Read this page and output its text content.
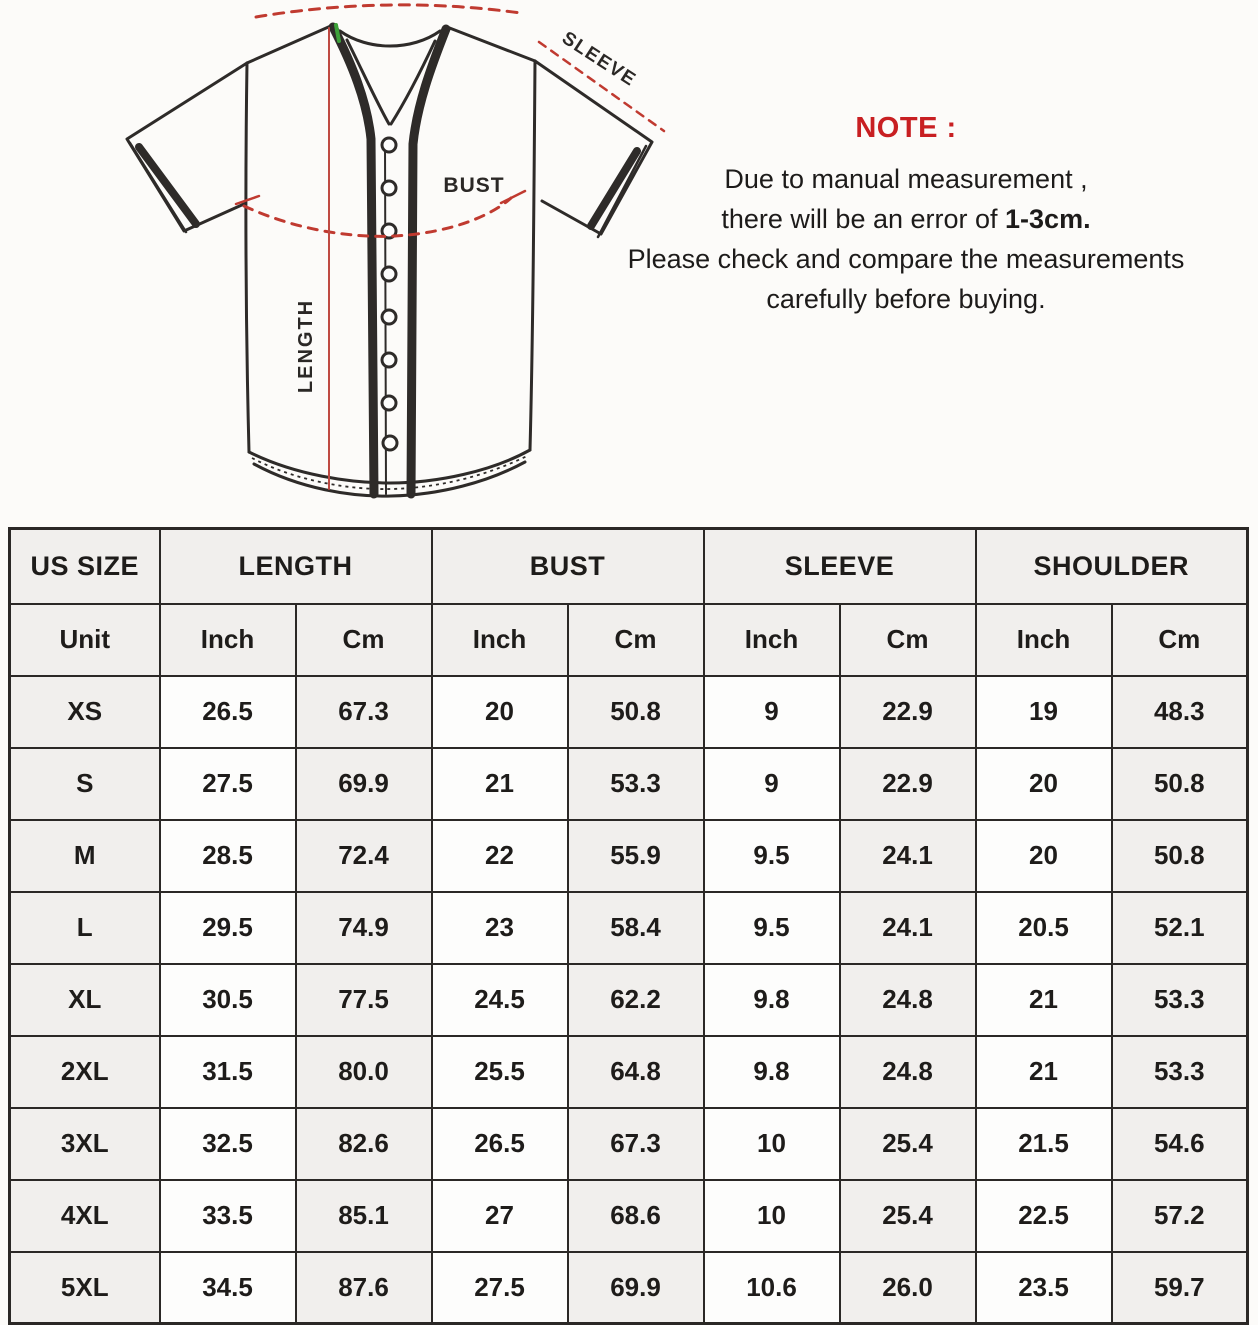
BUST
SLEEVE
LENGTH
NOTE :
Due to manual measurement ,
there will be an error of 1-3cm.
Please check and compare the measurements
carefully before buying.
US SIZE	LENGTH		BUST		SLEEVE		SHOULDER	
Unit	Inch	Cm	Inch	Cm	Inch	Cm	Inch	Cm
XS	26.5	67.3	20	50.8	9	22.9	19	48.3
S	27.5	69.9	21	53.3	9	22.9	20	50.8
M	28.5	72.4	22	55.9	9.5	24.1	20	50.8
L	29.5	74.9	23	58.4	9.5	24.1	20.5	52.1
XL	30.5	77.5	24.5	62.2	9.8	24.8	21	53.3
2XL	31.5	80.0	25.5	64.8	9.8	24.8	21	53.3
3XL	32.5	82.6	26.5	67.3	10	25.4	21.5	54.6
4XL	33.5	85.1	27	68.6	10	25.4	22.5	57.2
5XL	34.5	87.6	27.5	69.9	10.6	26.0	23.5	59.7
